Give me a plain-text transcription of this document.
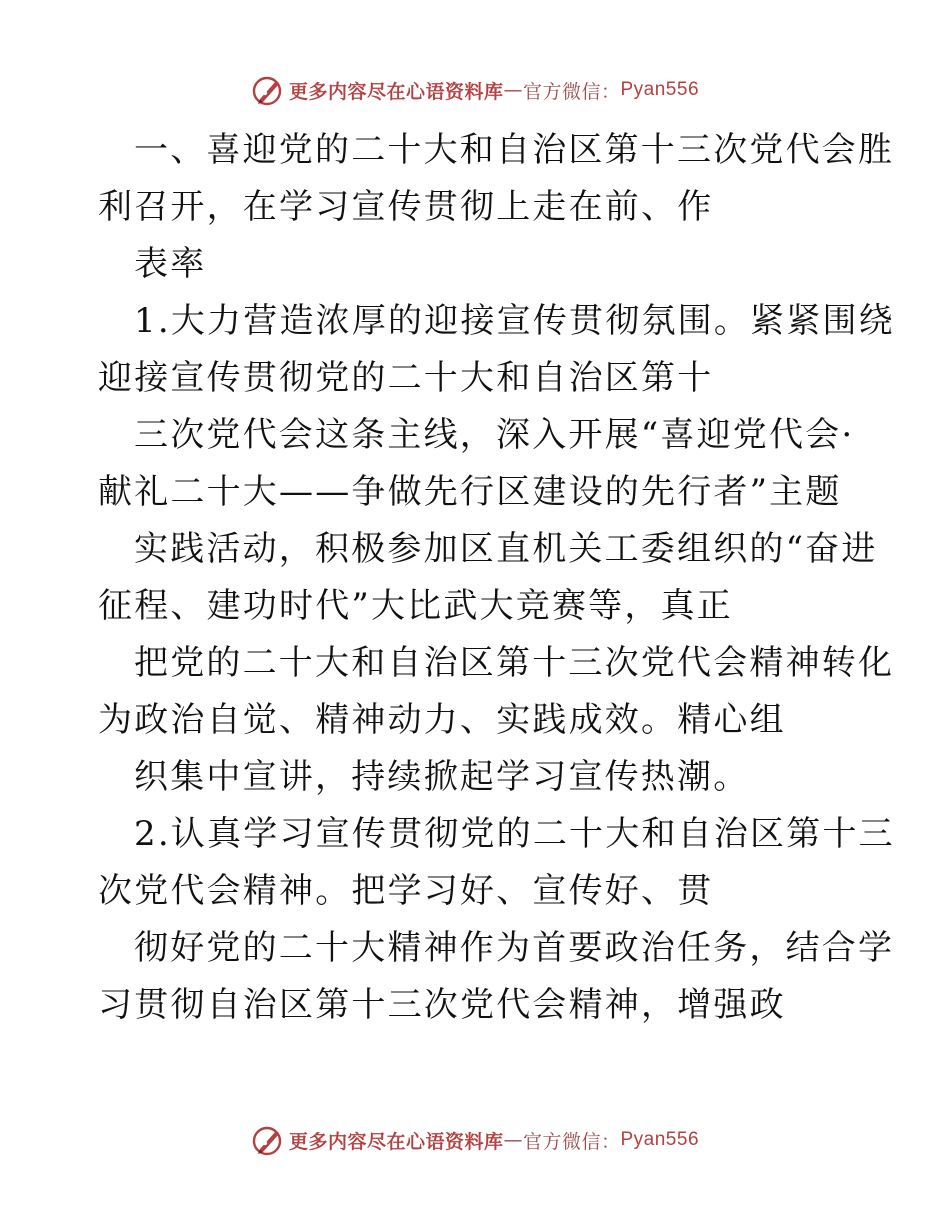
更多内容尽在心语资料库 — 官方微信： Pyan556
一、喜迎党的二十大和自治区第十三次党代会胜
利召开，在学习宣传贯彻上走在前、作
表率
1.大力营造浓厚的迎接宣传贯彻氛围。紧紧围绕
迎接宣传贯彻党的二十大和自治区第十
三次党代会这条主线，深入开展“喜迎党代会·
献礼二十大——争做先行区建设的先行者”主题
实践活动，积极参加区直机关工委组织的“奋进
征程、建功时代”大比武大竞赛等，真正
把党的二十大和自治区第十三次党代会精神转化
为政治自觉、精神动力、实践成效。精心组
织集中宣讲，持续掀起学习宣传热潮。
2.认真学习宣传贯彻党的二十大和自治区第十三
次党代会精神。把学习好、宣传好、贯
彻好党的二十大精神作为首要政治任务，结合学
习贯彻自治区第十三次党代会精神，增强政
更多内容尽在心语资料库 — 官方微信： Pyan556
